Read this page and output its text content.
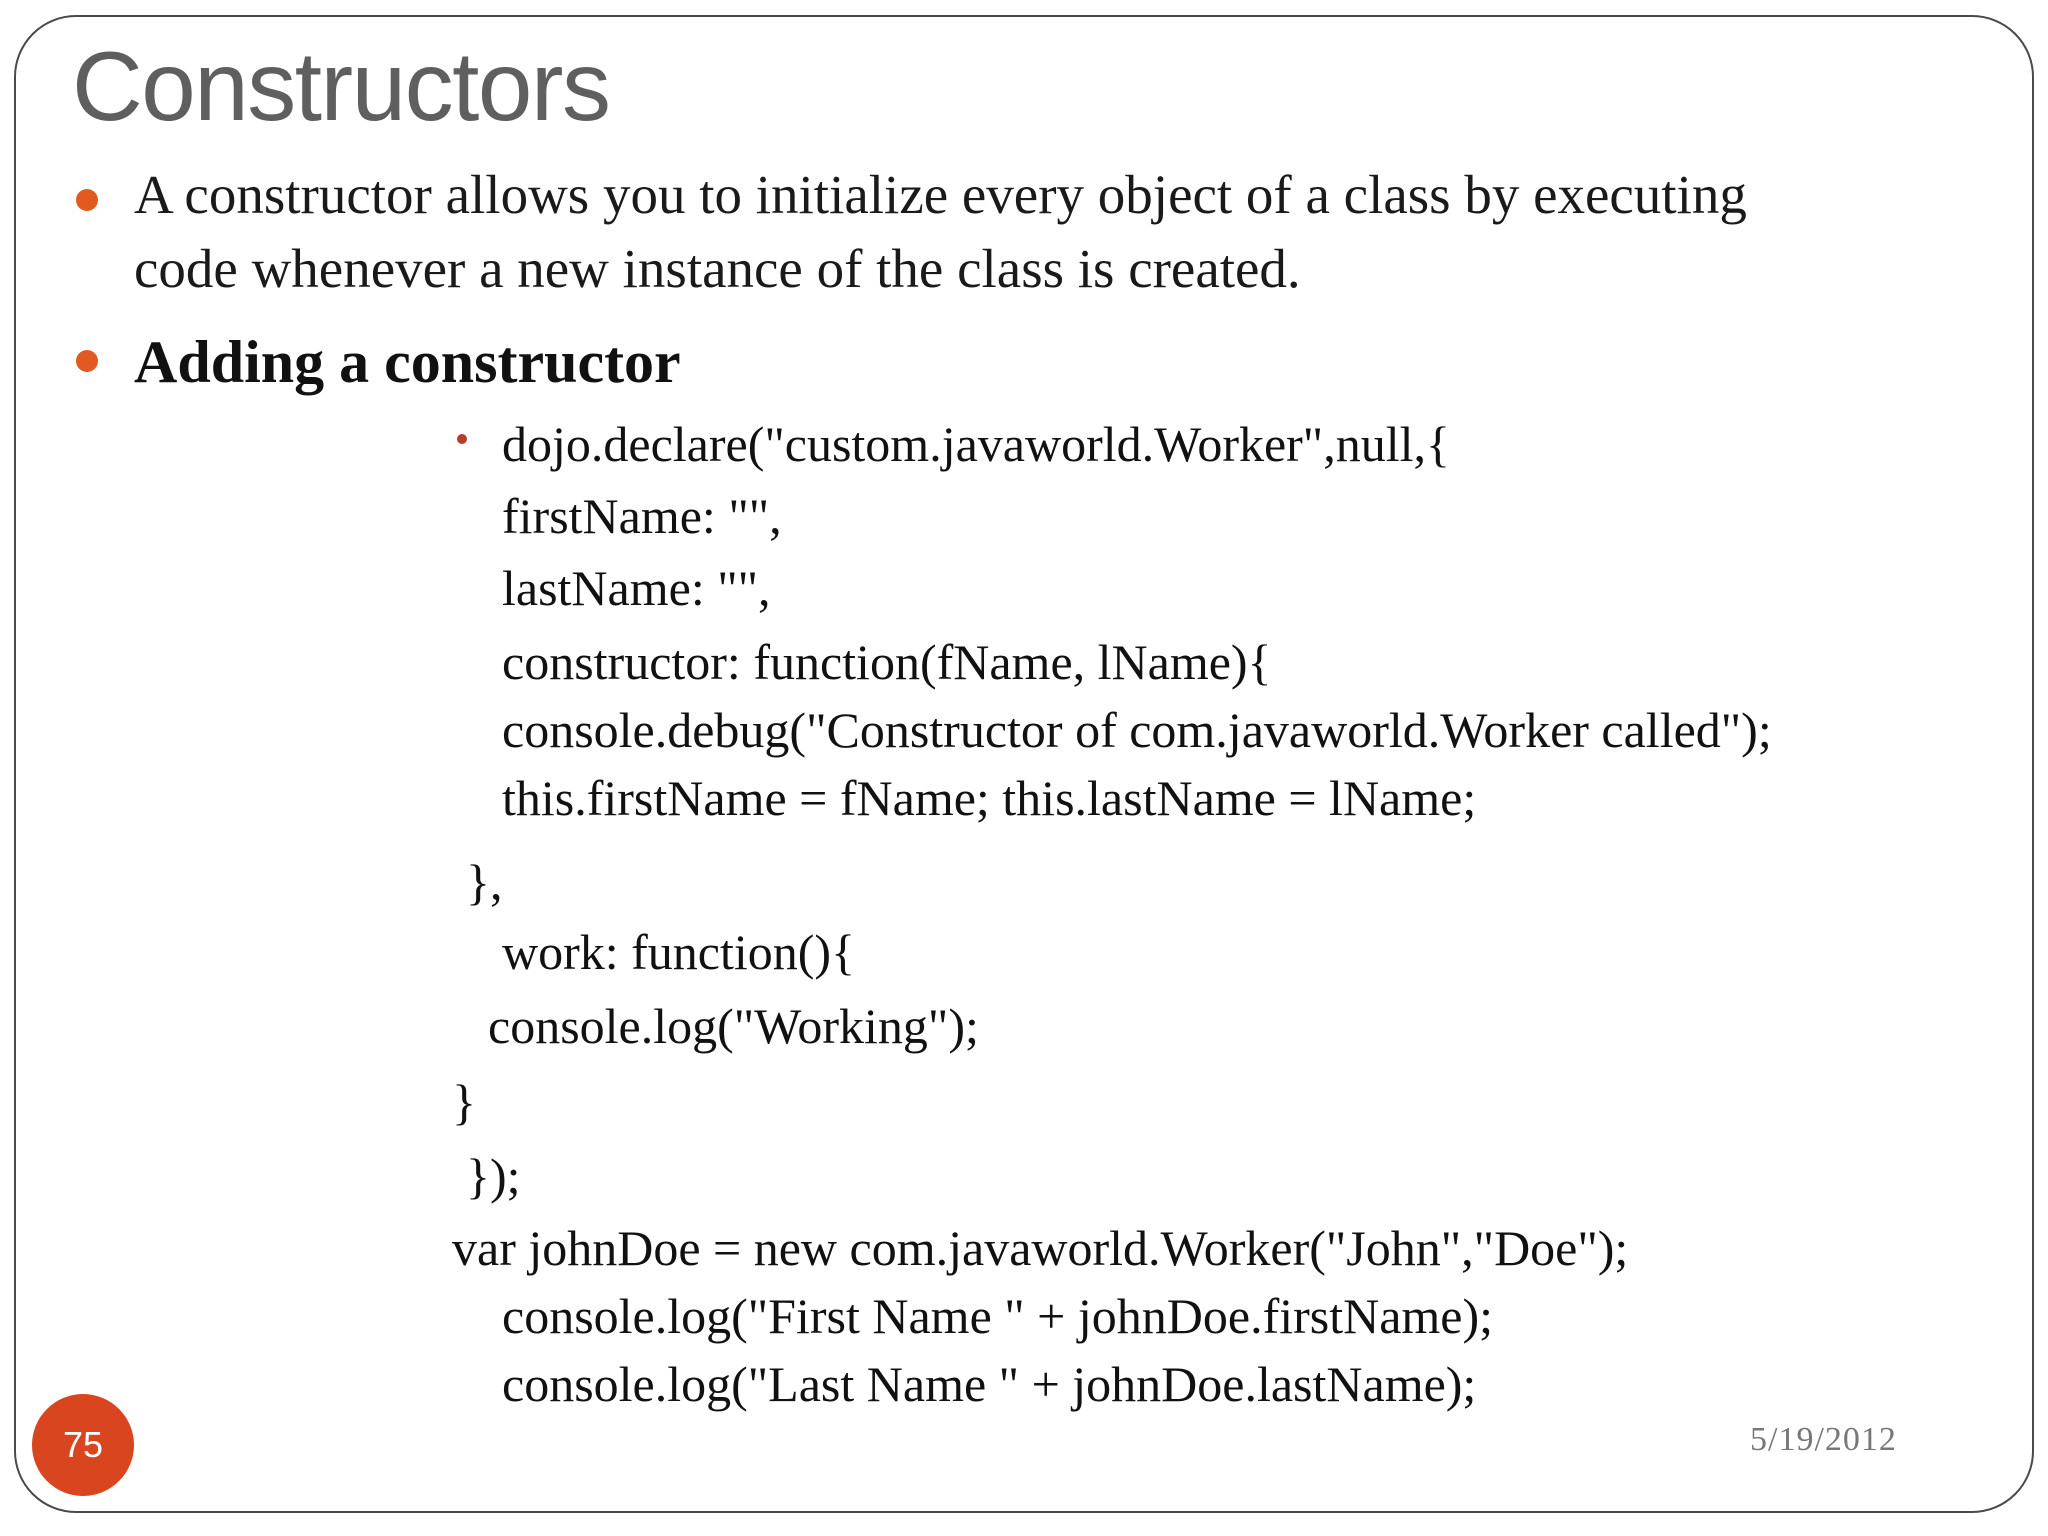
Constructors
A constructor allows you to initialize every object of a class by executing
code whenever a new instance of the class is created.
Adding a constructor
dojo.declare("custom.javaworld.Worker",null,{
firstName: "",
lastName: "",
constructor: function(fName, lName){
console.debug("Constructor of com.javaworld.Worker called");
this.firstName = fName; this.lastName = lName;
},
work: function(){
console.log("Working");
}
});
var johnDoe = new com.javaworld.Worker("John","Doe");
console.log("First Name " + johnDoe.firstName);
console.log("Last Name " + johnDoe.lastName);
75	5/19/2012
